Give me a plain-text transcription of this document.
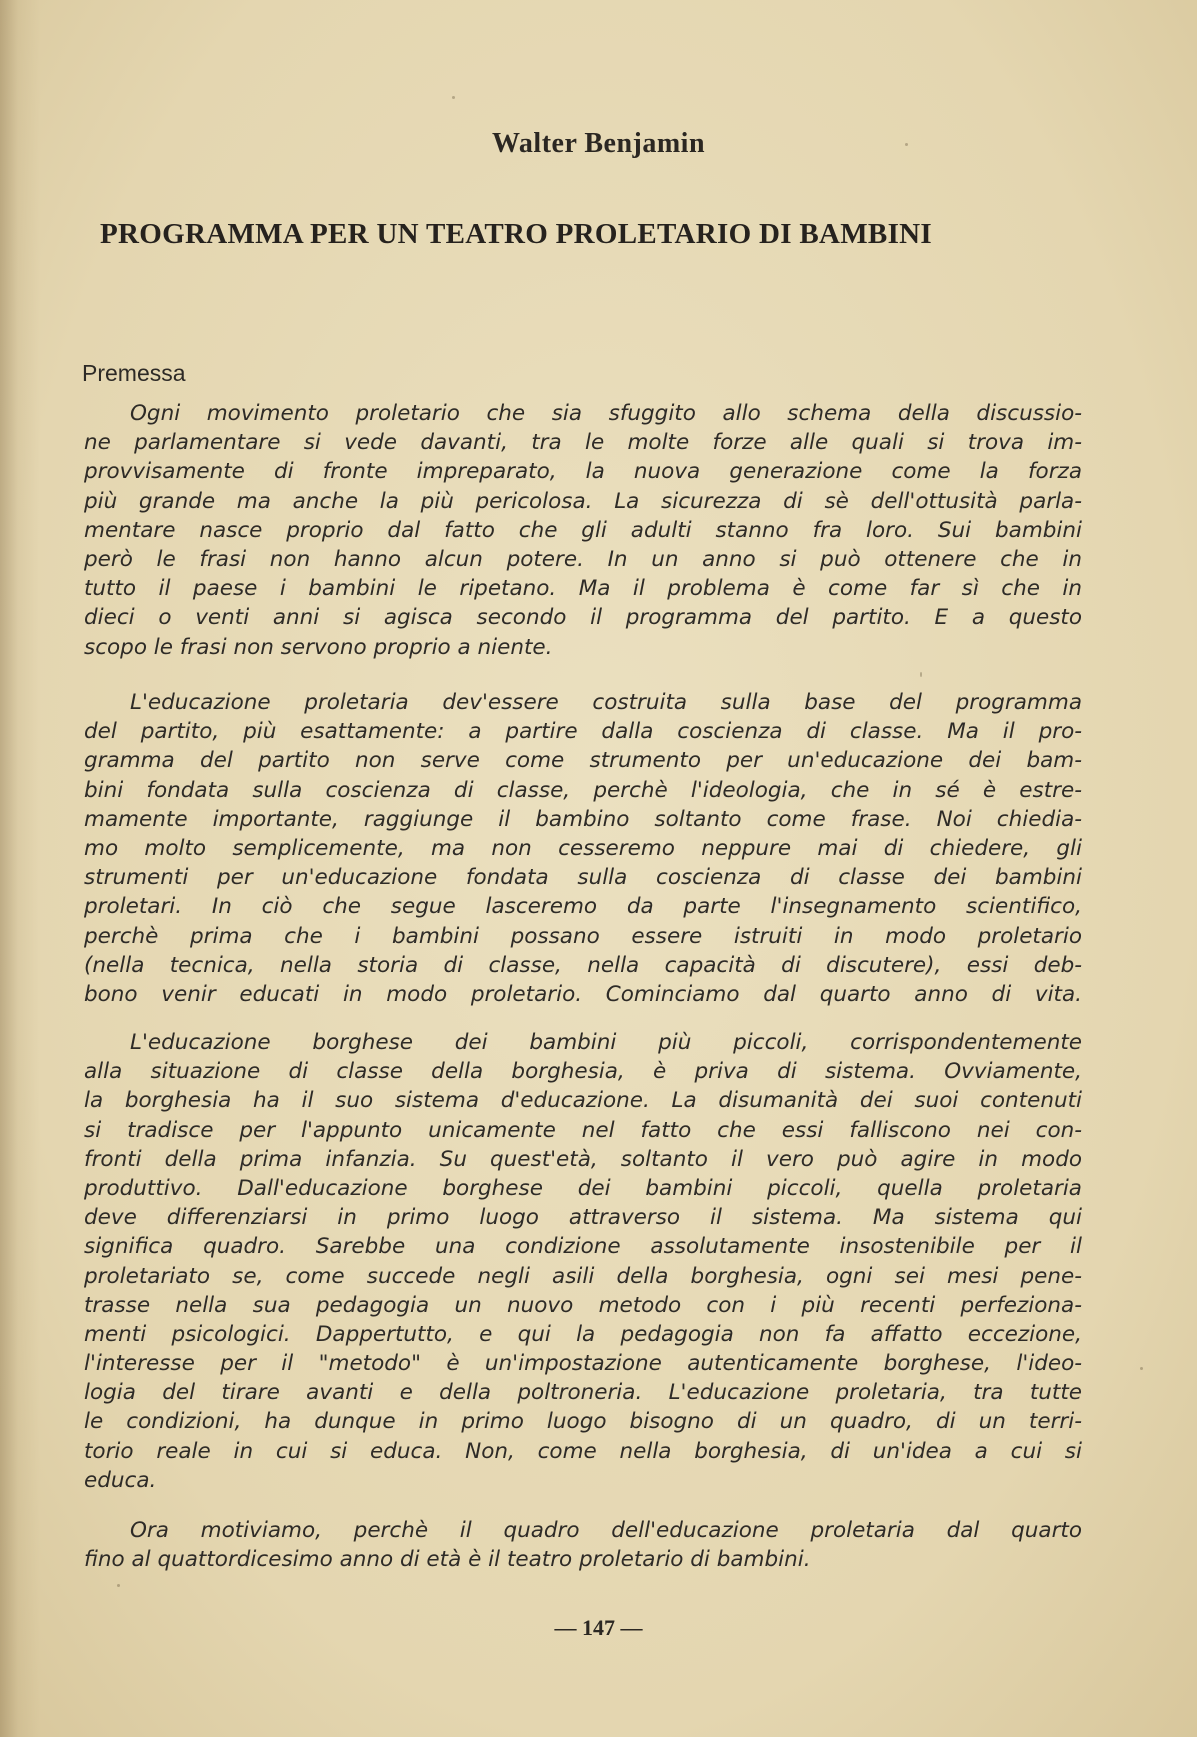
Walter Benjamin
PROGRAMMA PER UN TEATRO PROLETARIO DI BAMBINI
Premessa
Ogni movimento proletario che sia sfuggito allo schema della discussio-
ne parlamentare si vede davanti, tra le molte forze alle quali si trova im-
provvisamente di fronte impreparato, la nuova generazione come la forza
più grande ma anche la più pericolosa. La sicurezza di sè dell'ottusità parla-
mentare nasce proprio dal fatto che gli adulti stanno fra loro. Sui bambini
però le frasi non hanno alcun potere. In un anno si può ottenere che in
tutto il paese i bambini le ripetano. Ma il problema è come far sì che in
dieci o venti anni si agisca secondo il programma del partito. E a questo
scopo le frasi non servono proprio a niente.
L'educazione proletaria dev'essere costruita sulla base del programma
del partito, più esattamente: a partire dalla coscienza di classe. Ma il pro-
gramma del partito non serve come strumento per un'educazione dei bam-
bini fondata sulla coscienza di classe, perchè l'ideologia, che in sé è estre-
mamente importante, raggiunge il bambino soltanto come frase. Noi chiedia-
mo molto semplicemente, ma non cesseremo neppure mai di chiedere, gli
strumenti per un'educazione fondata sulla coscienza di classe dei bambini
proletari. In ciò che segue lasceremo da parte l'insegnamento scientifico,
perchè prima che i bambini possano essere istruiti in modo proletario
(nella tecnica, nella storia di classe, nella capacità di discutere), essi deb-
bono venir educati in modo proletario. Cominciamo dal quarto anno di vita.
L'educazione borghese dei bambini più piccoli, corrispondentemente
alla situazione di classe della borghesia, è priva di sistema. Ovviamente,
la borghesia ha il suo sistema d'educazione. La disumanità dei suoi contenuti
si tradisce per l'appunto unicamente nel fatto che essi falliscono nei con-
fronti della prima infanzia. Su quest'età, soltanto il vero può agire in modo
produttivo. Dall'educazione borghese dei bambini piccoli, quella proletaria
deve differenziarsi in primo luogo attraverso il sistema. Ma sistema qui
significa quadro. Sarebbe una condizione assolutamente insostenibile per il
proletariato se, come succede negli asili della borghesia, ogni sei mesi pene-
trasse nella sua pedagogia un nuovo metodo con i più recenti perfeziona-
menti psicologici. Dappertutto, e qui la pedagogia non fa affatto eccezione,
l'interesse per il "metodo" è un'impostazione autenticamente borghese, l'ideo-
logia del tirare avanti e della poltroneria. L'educazione proletaria, tra tutte
le condizioni, ha dunque in primo luogo bisogno di un quadro, di un terri-
torio reale in cui si educa. Non, come nella borghesia, di un'idea a cui si
educa.
Ora motiviamo, perchè il quadro dell'educazione proletaria dal quarto
fino al quattordicesimo anno di età è il teatro proletario di bambini.
— 147 —
